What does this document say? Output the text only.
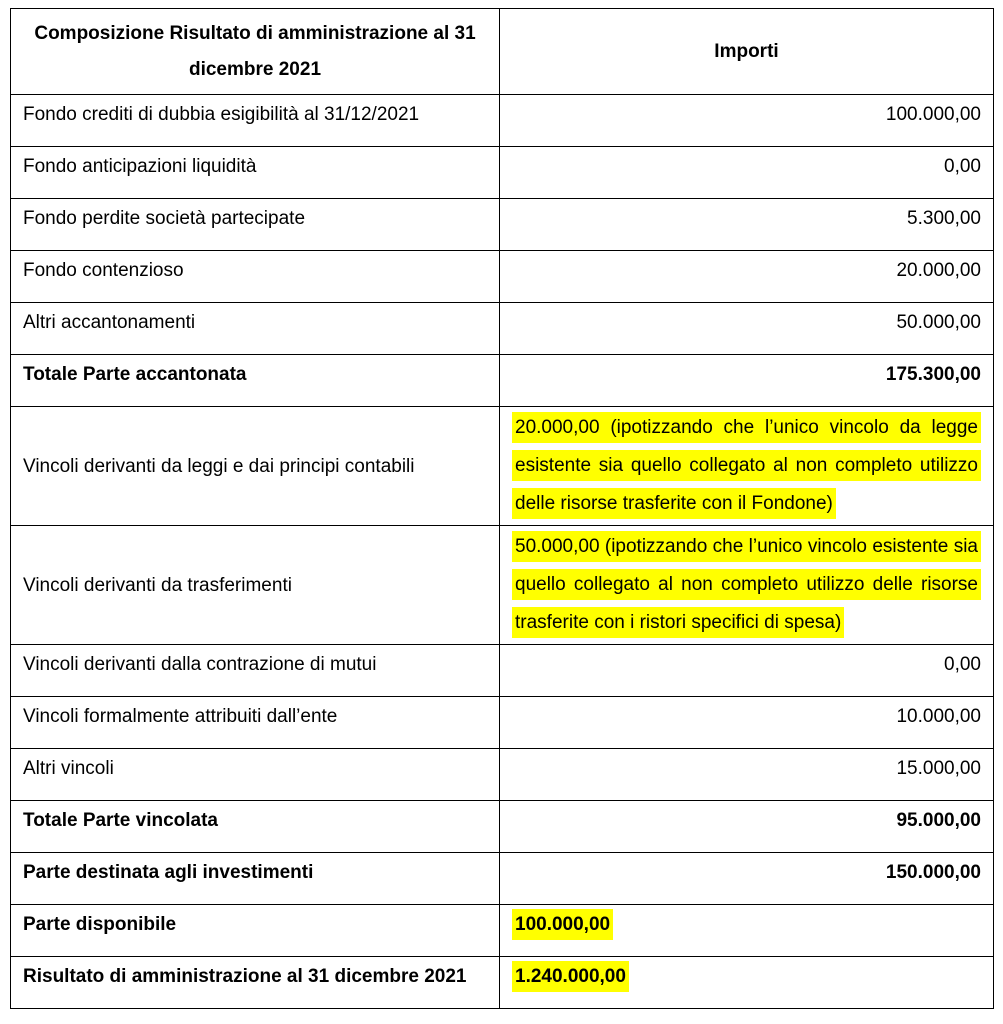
Composizione Risultato di amministrazione al 31 dicembre 2021	Importi
Fondo crediti di dubbia esigibilità al 31/12/2021	100.000,00
Fondo anticipazioni liquidità	0,00
Fondo perdite società partecipate	5.300,00
Fondo contenzioso	20.000,00
Altri accantonamenti	50.000,00
Totale Parte accantonata	175.300,00
Vincoli derivanti da leggi e dai principi contabili	20.000,00 (ipotizzando che l’unico vincolo da legge esistente sia quello collegato al non completo utilizzo delle risorse trasferite con il Fondone)
Vincoli derivanti da trasferimenti	50.000,00 (ipotizzando che l’unico vincolo esistente sia quello collegato al non completo utilizzo delle risorse trasferite con i ristori specifici di spesa)
Vincoli derivanti dalla contrazione di mutui	0,00
Vincoli formalmente attribuiti dall’ente	10.000,00
Altri vincoli	15.000,00
Totale Parte vincolata	95.000,00
Parte destinata agli investimenti	150.000,00
Parte disponibile	100.000,00
Risultato di amministrazione al 31 dicembre 2021	1.240.000,00
